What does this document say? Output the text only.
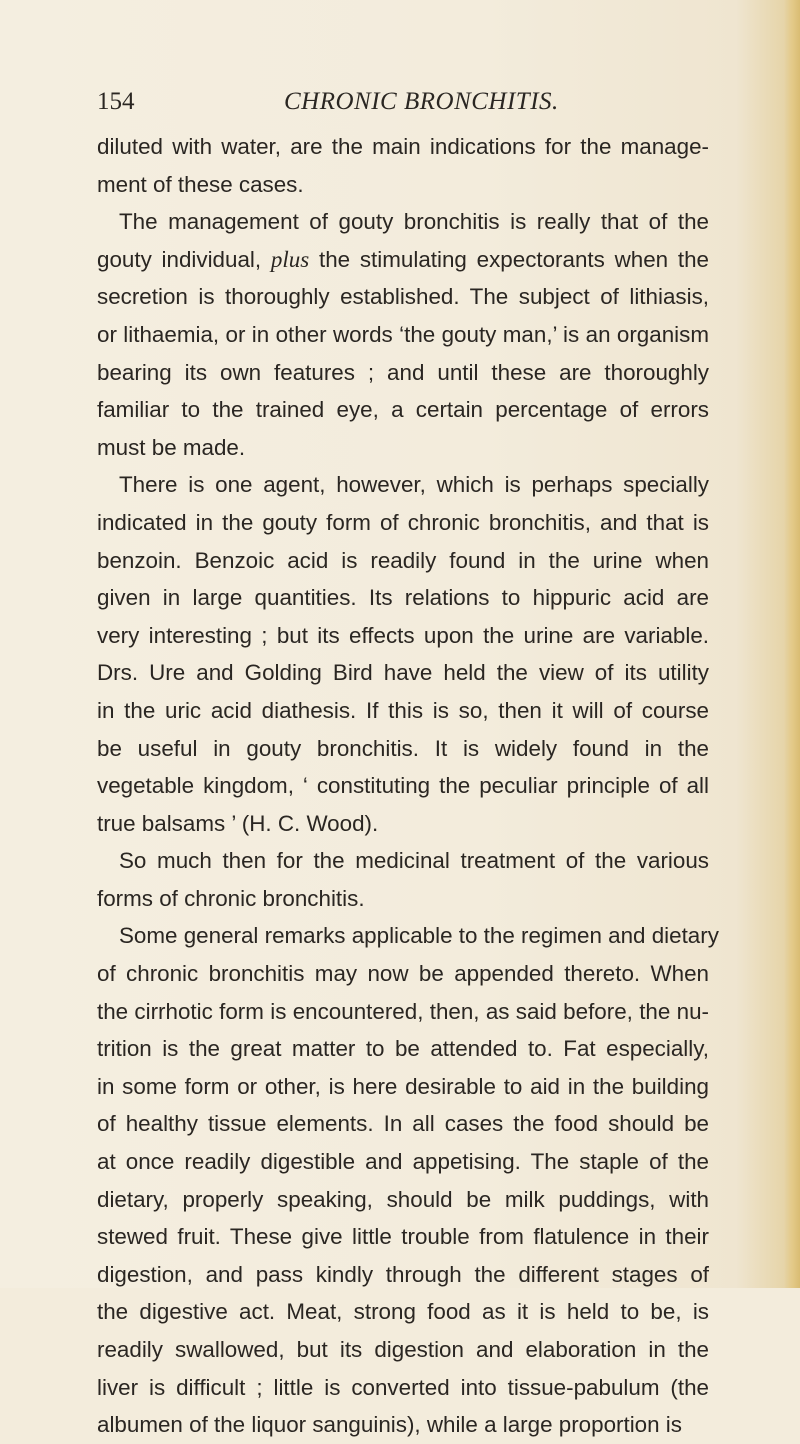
154	CHRONIC BRONCHITIS.
diluted with water, are the main indications for the manage-
ment of these cases.
The management of gouty bronchitis is really that of the
gouty individual, plus the stimulating expectorants when the
secretion is thoroughly established. The subject of lithiasis,
or lithaemia, or in other words ‘the gouty man,’ is an organism
bearing its own features ; and until these are thoroughly
familiar to the trained eye, a certain percentage of errors
must be made.
There is one agent, however, which is perhaps specially
indicated in the gouty form of chronic bronchitis, and that is
benzoin. Benzoic acid is readily found in the urine when
given in large quantities. Its relations to hippuric acid are
very interesting ; but its effects upon the urine are variable.
Drs. Ure and Golding Bird have held the view of its utility
in the uric acid diathesis. If this is so, then it will of course
be useful in gouty bronchitis. It is widely found in the
vegetable kingdom, ‘ constituting the peculiar principle of all
true balsams ’ (H. C. Wood).
So much then for the medicinal treatment of the various
forms of chronic bronchitis.
Some general remarks applicable to the regimen and dietary
of chronic bronchitis may now be appended thereto. When
the cirrhotic form is encountered, then, as said before, the nu-
trition is the great matter to be attended to. Fat especially,
in some form or other, is here desirable to aid in the building
of healthy tissue elements. In all cases the food should be
at once readily digestible and appetising. The staple of the
dietary, properly speaking, should be milk puddings, with
stewed fruit. These give little trouble from flatulence in their
digestion, and pass kindly through the different stages of
the digestive act. Meat, strong food as it is held to be, is
readily swallowed, but its digestion and elaboration in the
liver is difficult ; little is converted into tissue-pabulum (the
albumen of the liquor sanguinis), while a large proportion is
